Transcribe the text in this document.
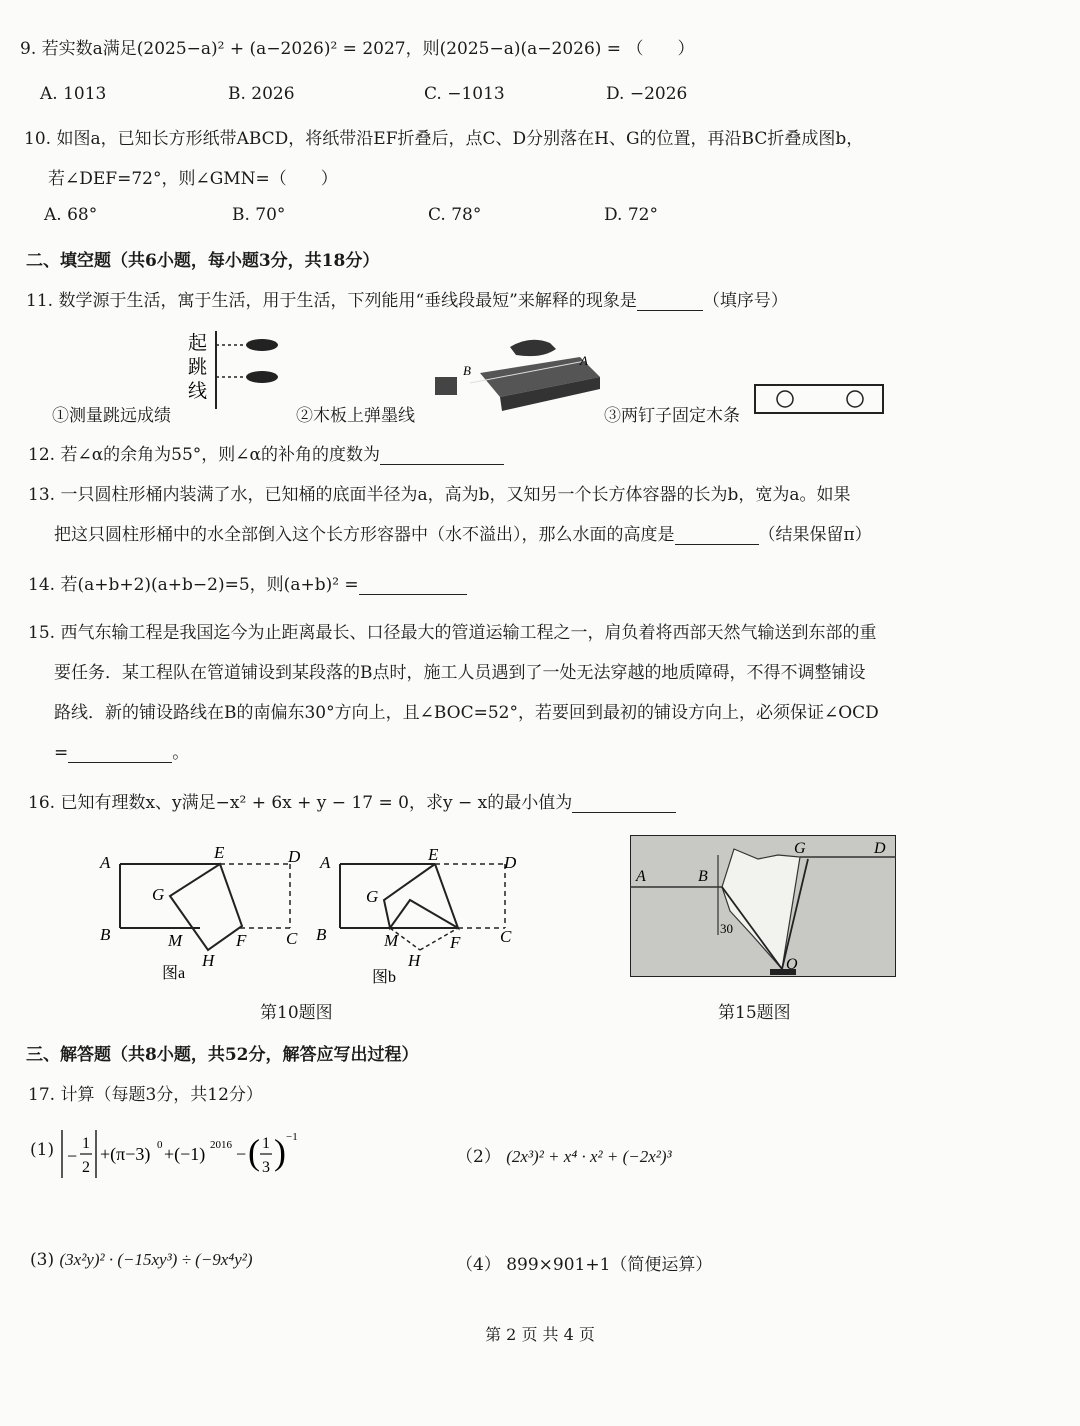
9. 若实数a满足(2025−a)² + (a−2026)² = 2027，则(2025−a)(a−2026) = （　　）
A. 1013	B. 2026	C. −1013	D. −2026
10. 如图a，已知长方形纸带ABCD，将纸带沿EF折叠后，点C、D分别落在H、G的位置，再沿BC折叠成图b，
若∠DEF=72°，则∠GMN=（　　）
A. 68°	B. 70°	C. 78°	D. 72°
二、填空题（共6小题，每小题3分，共18分）
11. 数学源于生活，寓于生活，用于生活，下列能用“垂线段最短”来解释的现象是	（填序号）
起
跳
线
B
A
①测量跳远成绩	②木板上弹墨线	③两钉子固定木条
12. 若∠α的余角为55°，则∠α的补角的度数为
13. 一只圆柱形桶内装满了水，已知桶的底面半径为a，高为b，又知另一个长方体容器的长为b，宽为a。如果
把这只圆柱形桶中的水全部倒入这个长方形容器中（水不溢出），那么水面的高度是	（结果保留π）
14. 若(a+b+2)(a+b−2)=5，则(a+b)² =
15. 西气东输工程是我国迄今为止距离最长、口径最大的管道运输工程之一，肩负着将西部天然气输送到东部的重
要任务．某工程队在管道铺设到某段落的B点时，施工人员遇到了一处无法穿越的地质障碍，不得不调整铺设
路线．新的铺设路线在B的南偏东30°方向上，且∠BOC=52°，若要回到最初的铺设方向上，必须保证∠OCD
=	。
16. 已知有理数x、y满足−x² + 6x + y − 17 = 0，求y − x的最小值为
A
B	C
D
E
F
G
H
M
图a
A
B	C
D
E
F
G
H
M
图b
第10题图
A	B
G	D
O
30
第15题图
三、解答题（共8小题，共52分，解答应写出过程）
17. 计算（每题3分，共12分）
(1) −
1
2
+(π−3) 0 +(−1) 2016 − ( 1
3 ) −1
（2） (2x³)² + x⁴ · x² + (−2x²)³
(3) (3x²y)² · (−15xy³) ÷ (−9x⁴y²)	（4） 899×901+1（简便运算）
第 2 页 共 4 页
